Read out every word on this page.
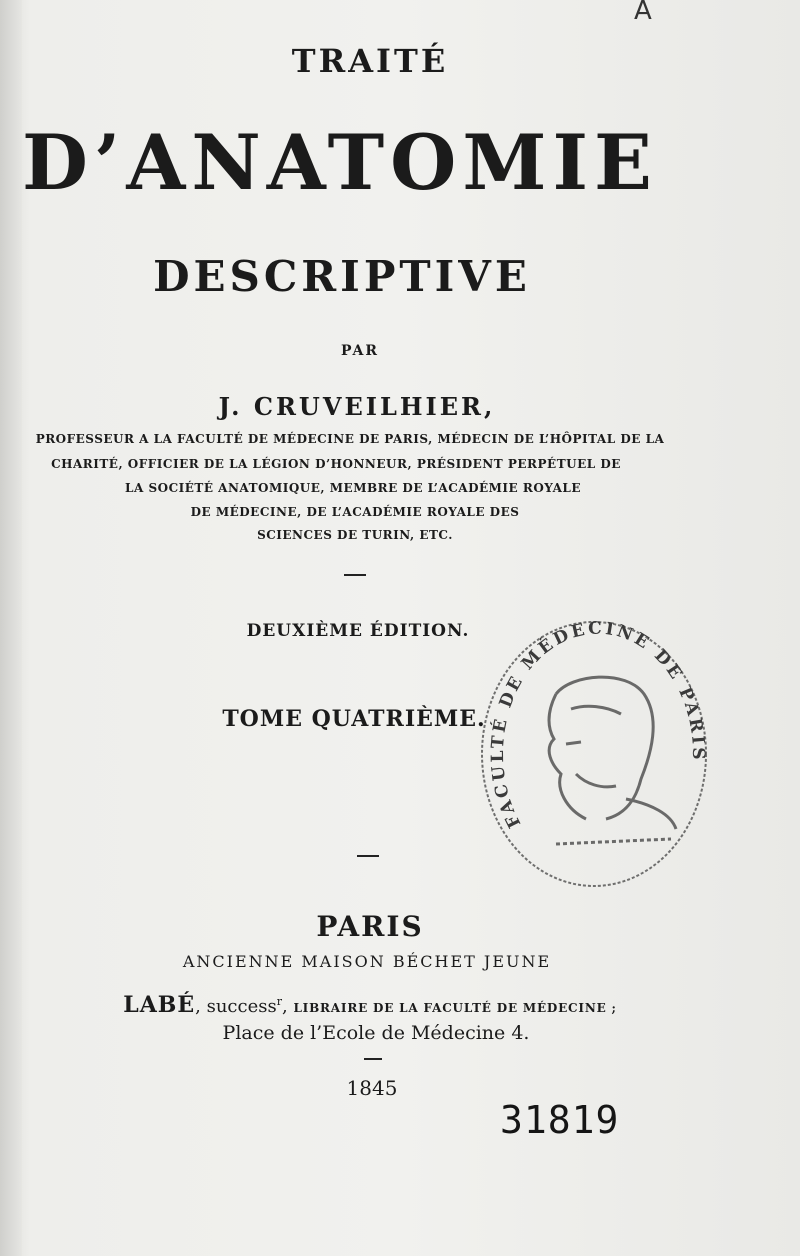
A
TRAITÉ
D’ANATOMIE
DESCRIPTIVE
PAR
J. CRUVEILHIER,
PROFESSEUR A LA FACULTÉ DE MÉDECINE DE PARIS, MÉDECIN DE L’HÔPITAL DE LA
CHARITÉ, OFFICIER DE LA LÉGION D’HONNEUR, PRÉSIDENT PERPÉTUEL DE
LA SOCIÉTÉ ANATOMIQUE, MEMBRE DE L’ACADÉMIE ROYALE
DE MÉDECINE, DE L’ACADÉMIE ROYALE DES
SCIENCES DE TURIN, ETC.
DEUXIÈME ÉDITION.
TOME QUATRIÈME.
PARIS
ANCIENNE MAISON BÉCHET JEUNE
LABÉ, success$^r$, LIBRAIRE DE LA FACULTÉ DE MÉDECINE ;
Place de l’Ecole de Médecine 4.
1845
31819
FACULTÉ DE MÉDECINE DE PARIS
